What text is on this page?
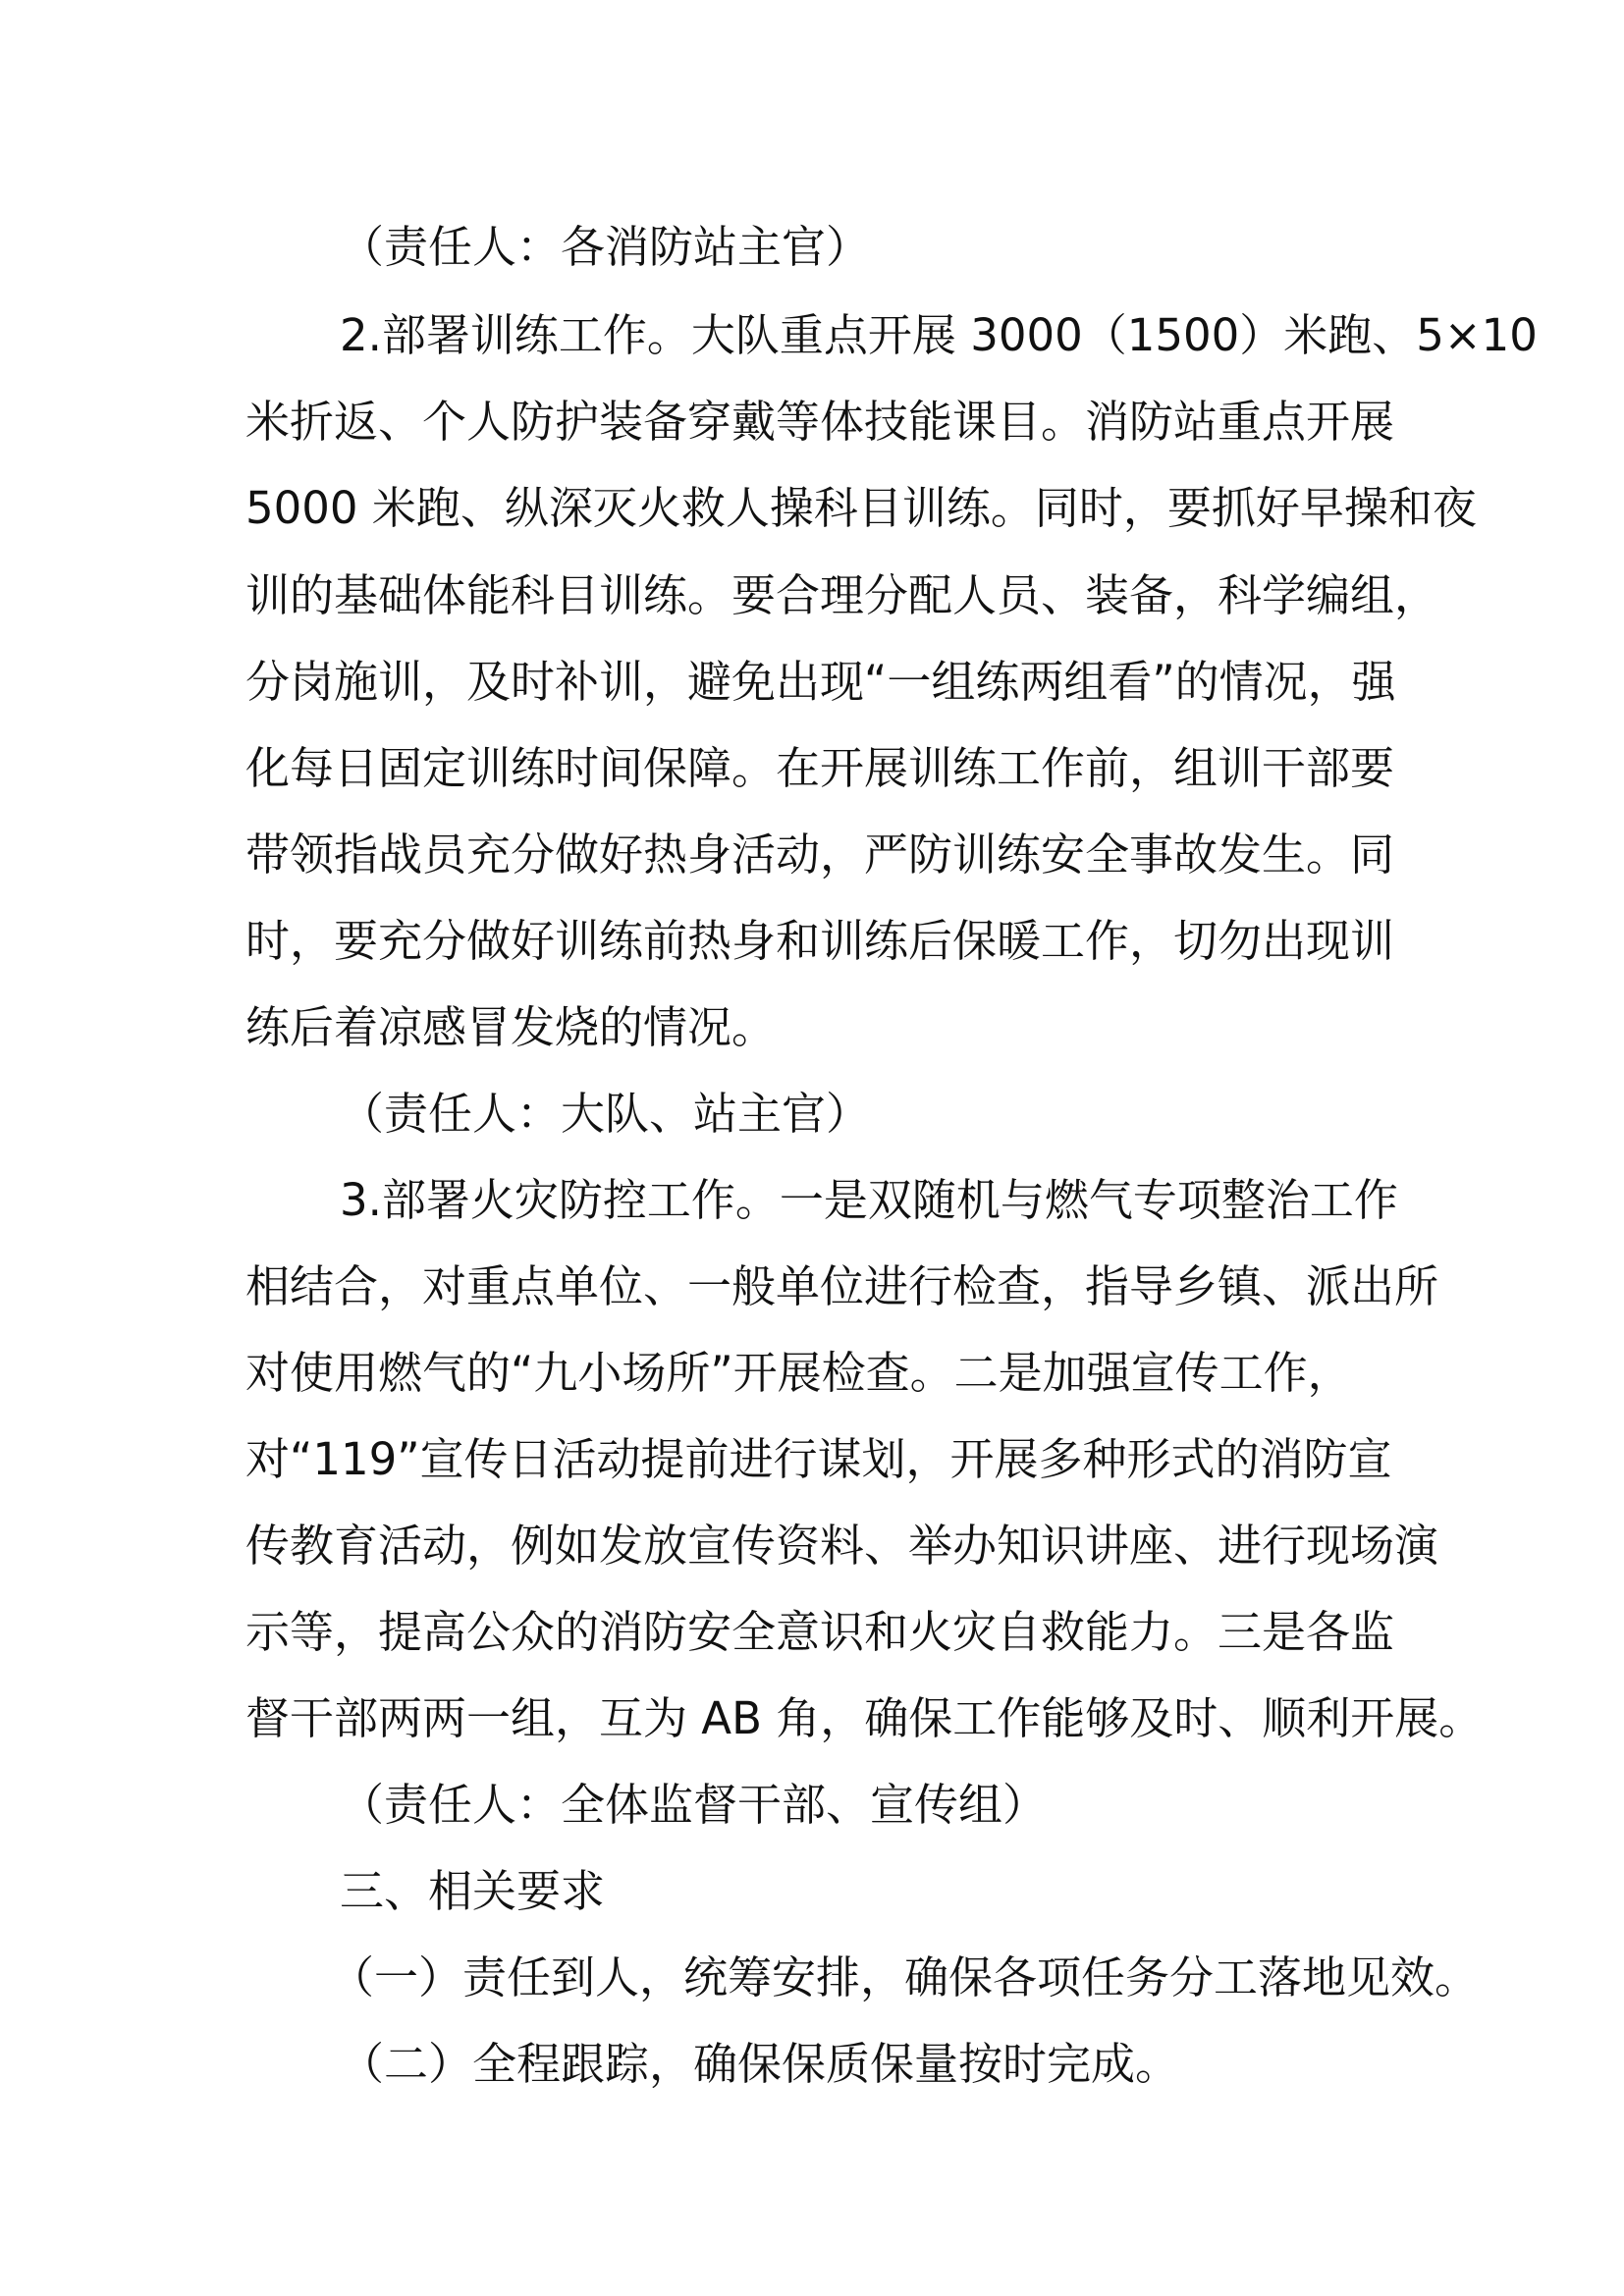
（责任人：各消防站主官）
2.部署训练工作。大队重点开展 3000（1500）米跑、5×10
米折返、个人防护装备穿戴等体技能课目。消防站重点开展
5000 米跑、纵深灭火救人操科目训练。同时，要抓好早操和夜
训的基础体能科目训练。要合理分配人员、装备，科学编组，
分岗施训，及时补训，避免出现“一组练两组看”的情况，强
化每日固定训练时间保障。在开展训练工作前，组训干部要
带领指战员充分做好热身活动，严防训练安全事故发生。同
时，要充分做好训练前热身和训练后保暖工作，切勿出现训
练后着凉感冒发烧的情况。
（责任人：大队、站主官）
3.部署火灾防控工作。一是双随机与燃气专项整治工作
相结合，对重点单位、一般单位进行检查，指导乡镇、派出所
对使用燃气的“九小场所”开展检查。二是加强宣传工作，
对“119”宣传日活动提前进行谋划，开展多种形式的消防宣
传教育活动，例如发放宣传资料、举办知识讲座、进行现场演
示等，提高公众的消防安全意识和火灾自救能力。三是各监
督干部两两一组，互为 AB 角，确保工作能够及时、顺利开展。
（责任人：全体监督干部、宣传组）
三、相关要求
（一）责任到人，统筹安排，确保各项任务分工落地见效。
（二）全程跟踪，确保保质保量按时完成。
